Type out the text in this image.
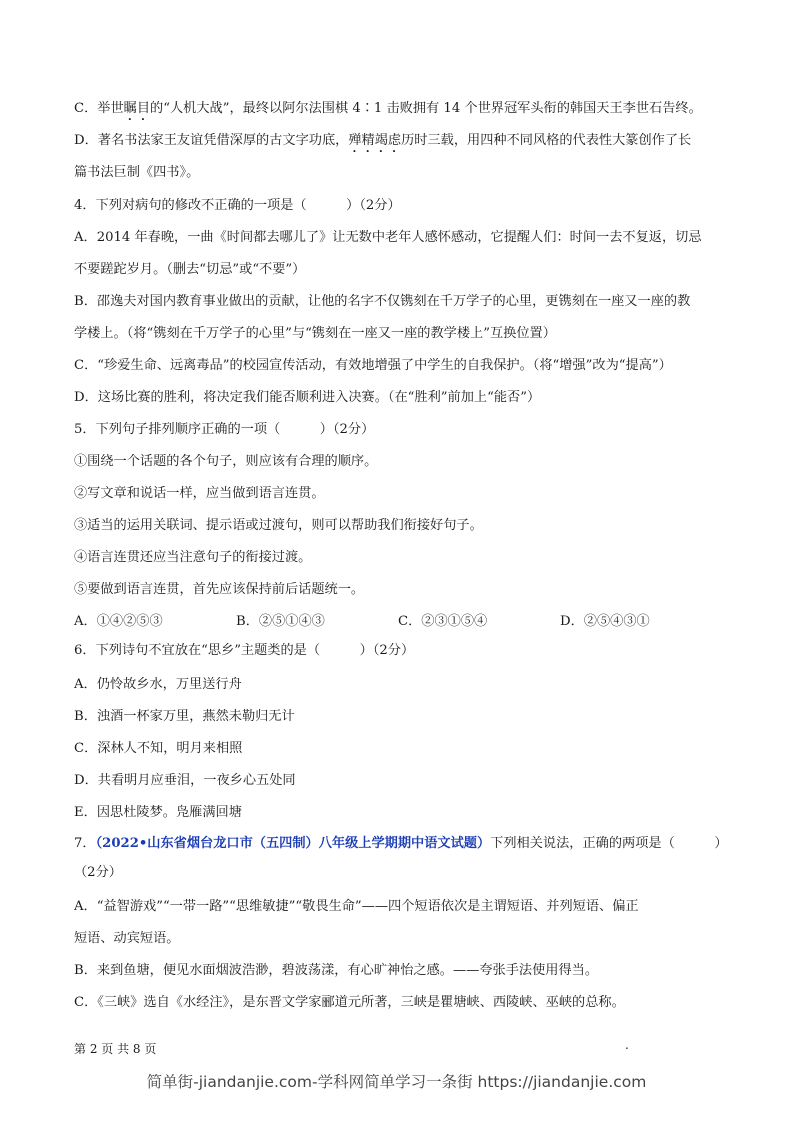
C．举世瞩目的“人机大战”，最终以阿尔法围棋 4∶1 击败拥有 14 个世界冠军头衔的韩国天王李世石告终。
D．著名书法家王友谊凭借深厚的古文字功底，殚精竭虑历时三载，用四种不同风格的代表性大篆创作了长
篇书法巨制《四书》。
4．下列对病句的修改不正确的一项是（　　　）（2分）
A．2014 年春晚，一曲《时间都去哪儿了》让无数中老年人感怀感动，它提醒人们：时间一去不复返，切忌
不要蹉跎岁月。（删去“切忌”或“不要”）
B．邵逸夫对国内教育事业做出的贡献，让他的名字不仅镌刻在千万学子的心里，更镌刻在一座又一座的教
学楼上。（将“镌刻在千万学子的心里”与“镌刻在一座又一座的教学楼上”互换位置）
C．“珍爱生命、远离毒品”的校园宣传活动，有效地增强了中学生的自我保护。（将“增强”改为“提高”）
D．这场比赛的胜利，将决定我们能否顺利进入决赛。（在“胜利”前加上“能否”）
5．下列句子排列顺序正确的一项（　　　）（2分）
①围绕一个话题的各个句子，则应该有合理的顺序。
②写文章和说话一样，应当做到语言连贯。
③适当的运用关联词、提示语或过渡句，则可以帮助我们衔接好句子。
④语言连贯还应当注意句子的衔接过渡。
⑤要做到语言连贯，首先应该保持前后话题统一。
A．①④②⑤③	B．②⑤①④③	C．②③①⑤④	D．②⑤④③①
6．下列诗句不宜放在“思乡”主题类的是（　　　）（2分）
A．仍怜故乡水，万里送行舟
B．浊酒一杯家万里，燕然未勒归无计
C．深林人不知，明月来相照
D．共看明月应垂泪，一夜乡心五处同
E．因思杜陵梦。凫雁满回塘
7．（2022•山东省烟台龙口市（五四制）八年级上学期期中语文试题）下列相关说法，正确的两项是（　　　）
（2分）
A．“益智游戏”“一带一路”“思维敏捷”“敬畏生命”——四个短语依次是主谓短语、并列短语、偏正
短语、动宾短语。
B．来到鱼塘，便见水面烟波浩渺，碧波荡漾，有心旷神怡之感。——夸张手法使用得当。
C．《三峡》选自《水经注》，是东晋文学家郦道元所著，三峡是瞿塘峡、西陵峡、巫峡的总称。
第 2 页 共 8 页	.
简单街-jiandanjie.com-学科网简单学习一条街 https://jiandanjie.com
